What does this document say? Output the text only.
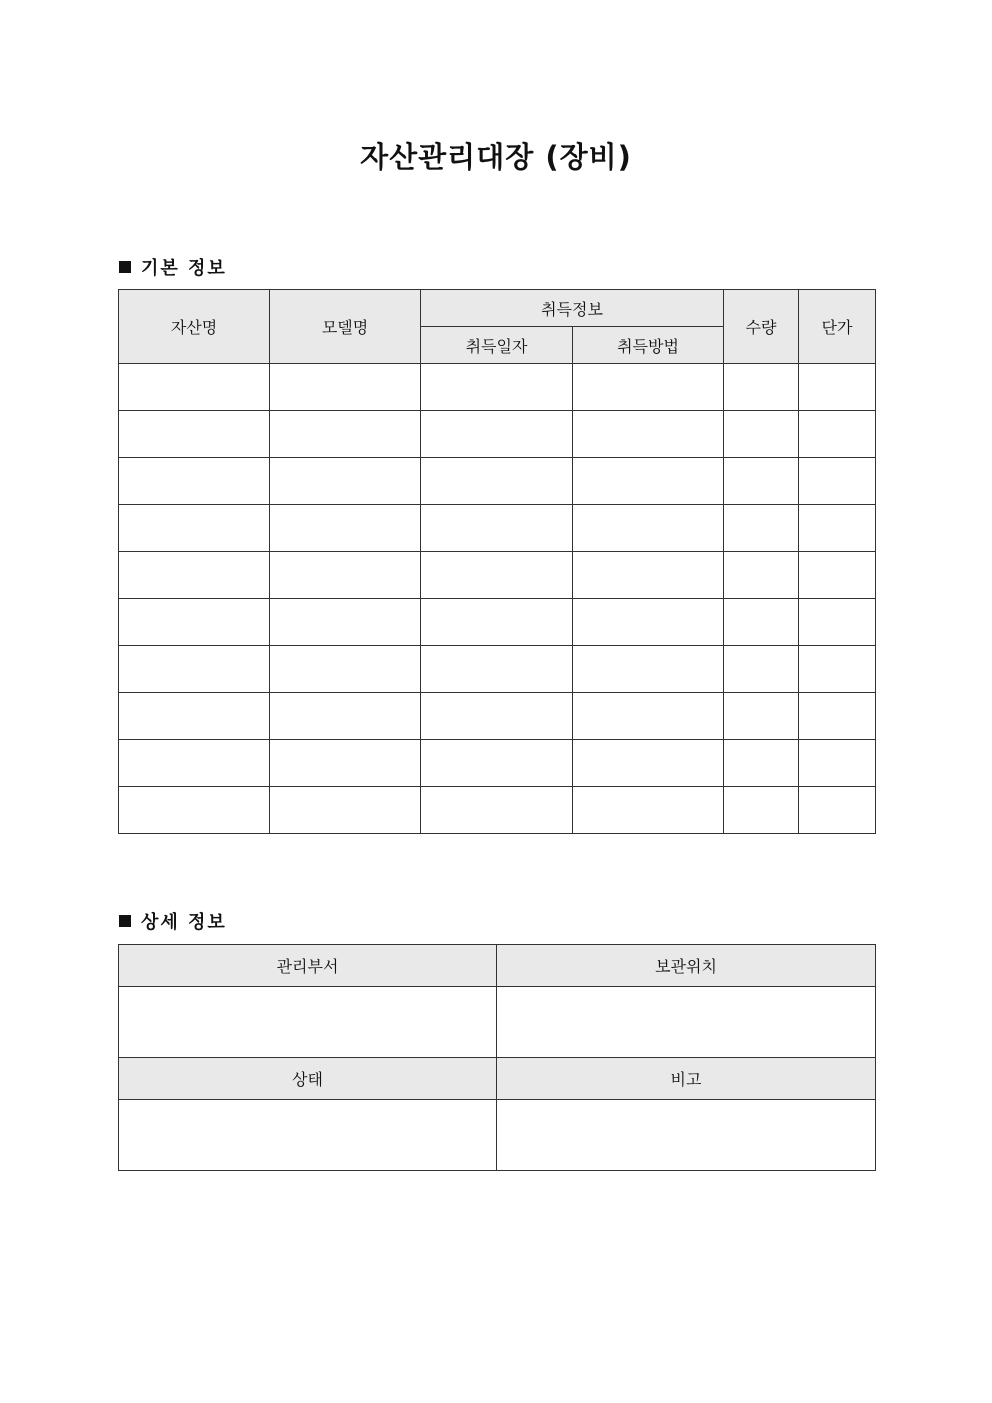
자산관리대장 (장비)
기본 정보
자산명	모델명	취득정보		수량	단가
		취득일자	취득방법		

상세 정보
관리부서	보관위치

상태	비고
